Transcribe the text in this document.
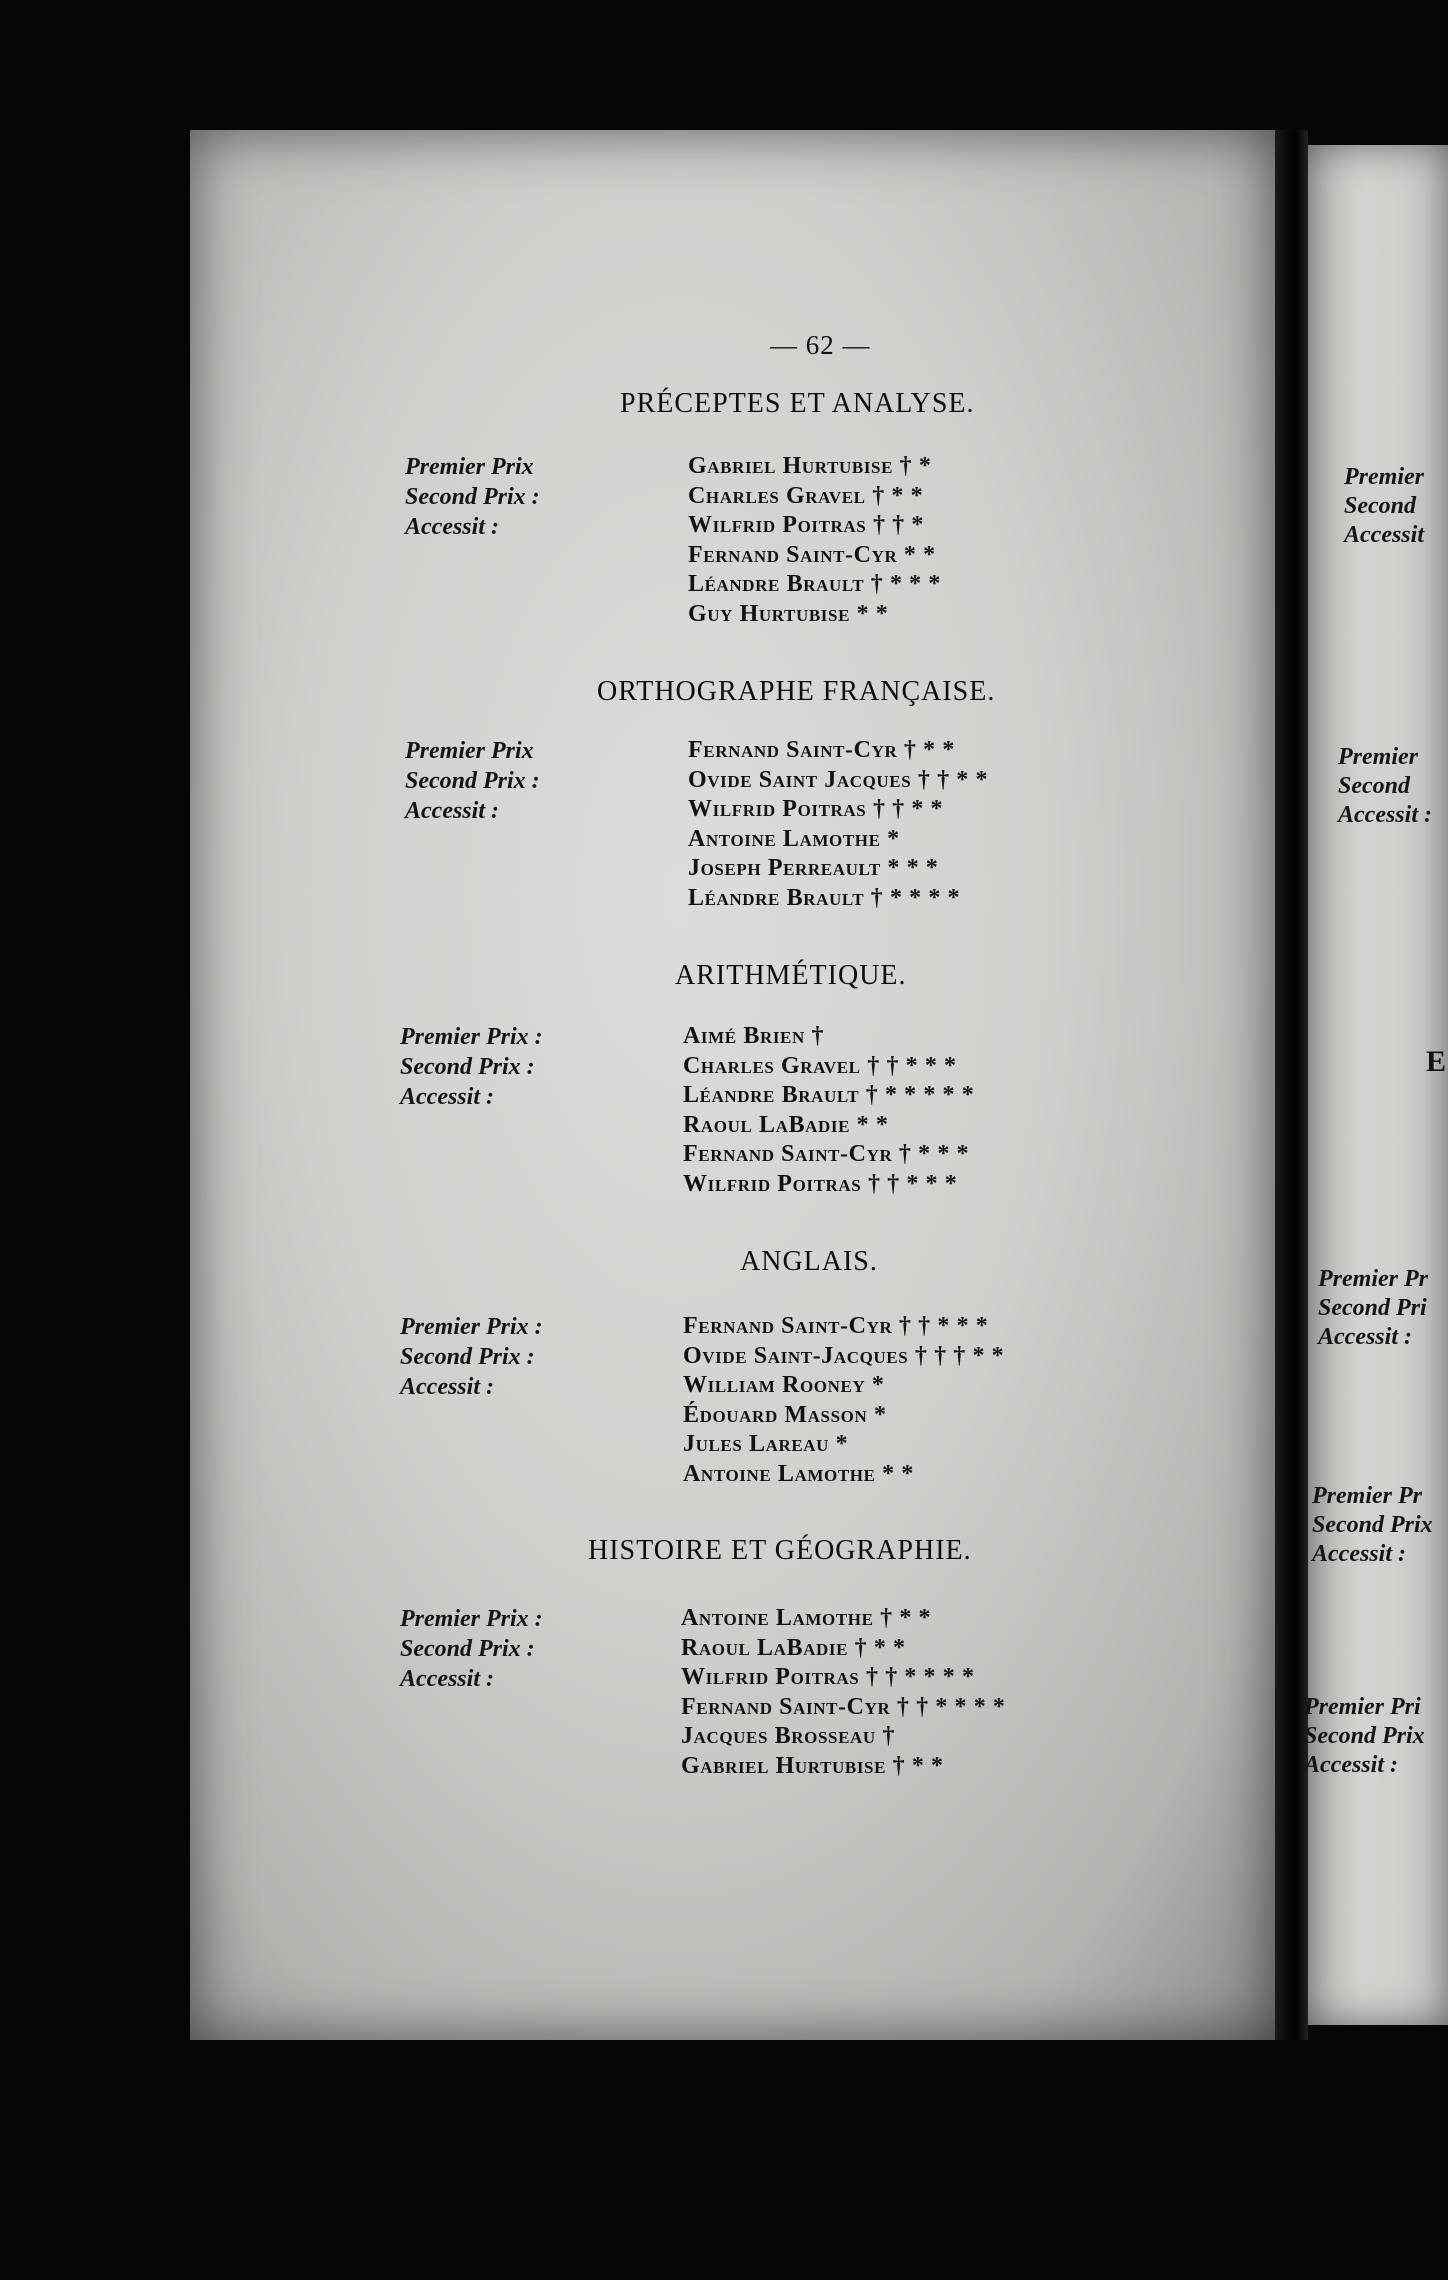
— 62 —
PRÉCEPTES ET ANALYSE.
Premier Prix
Second Prix :
Accessit :
Gabriel Hurtubise † *
Charles Gravel † * *
Wilfrid Poitras † † *
Fernand Saint-Cyr * *
Léandre Brault † * * *
Guy Hurtubise * *
ORTHOGRAPHE FRANÇAISE.
Premier Prix
Second Prix :
Accessit :
Fernand Saint-Cyr † * *
Ovide Saint Jacques † † * *
Wilfrid Poitras † † * *
Antoine Lamothe *
Joseph Perreault * * *
Léandre Brault † * * * *
ARITHMÉTIQUE.
Premier Prix :
Second Prix :
Accessit :
Aimé Brien †
Charles Gravel † † * * *
Léandre Brault † * * * * *
Raoul LaBadie * *
Fernand Saint-Cyr † * * *
Wilfrid Poitras † † * * *
ANGLAIS.
Premier Prix :
Second Prix :
Accessit :
Fernand Saint-Cyr † † * * *
Ovide Saint-Jacques † † † * *
William Rooney *
Édouard Masson *
Jules Lareau *
Antoine Lamothe * *
HISTOIRE ET GÉOGRAPHIE.
Premier Prix :
Second Prix :
Accessit :
Antoine Lamothe † * *
Raoul LaBadie † * *
Wilfrid Poitras † † * * * *
Fernand Saint-Cyr † † * * * *
Jacques Brosseau †
Gabriel Hurtubise † * *
Premier
Second
Accessit
Premier
Second
Accessit :
E
Premier Pr
Second Pri
Accessit :
Premier Pr
Second Prix
Accessit :
Premier Pri
Second Prix
Accessit :
